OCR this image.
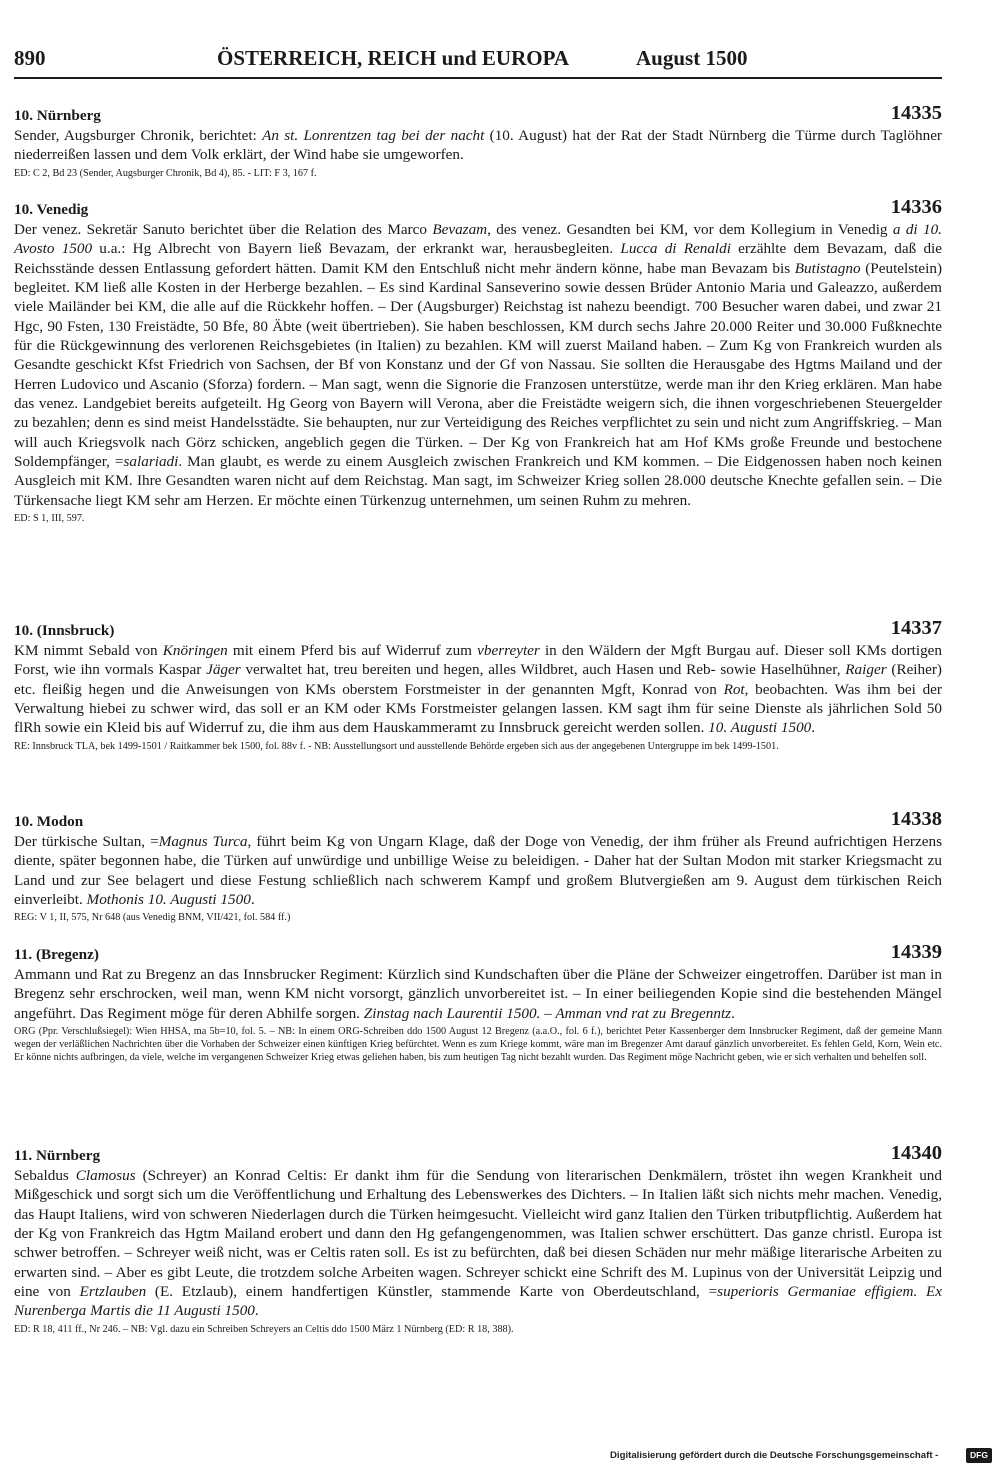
890	ÖSTERREICH, REICH und EUROPA	August 1500
10. Nürnberg	14335
Sender, Augsburger Chronik, berichtet: An st. Lonrentzen tag bei der nacht (10. August) hat der Rat der Stadt Nürnberg die Türme durch Taglöhner niederreißen lassen und dem Volk erklärt, der Wind habe sie umgeworfen.
ED: C 2, Bd 23 (Sender, Augsburger Chronik, Bd 4), 85. - LIT: F 3, 167 f.
10. Venedig	14336
Der venez. Sekretär Sanuto berichtet über die Relation des Marco Bevazam, des venez. Gesandten bei KM, vor dem Kollegium in Venedig a di 10. Avosto 1500 u.a.: Hg Albrecht von Bayern ließ Bevazam, der erkrankt war, herausbegleiten. Lucca di Renaldi erzählte dem Bevazam, daß die Reichsstände dessen Entlassung gefordert hätten. Damit KM den Entschluß nicht mehr ändern könne, habe man Bevazam bis Butistagno (Peutelstein) begleitet. KM ließ alle Kosten in der Herberge bezahlen. – Es sind Kardinal Sanseverino sowie dessen Brüder Antonio Maria und Galeazzo, außerdem viele Mailänder bei KM, die alle auf die Rückkehr hoffen. – Der (Augsburger) Reichstag ist nahezu beendigt. 700 Besucher waren dabei, und zwar 21 Hgc, 90 Fsten, 130 Freistädte, 50 Bfe, 80 Äbte (weit übertrieben). Sie haben beschlossen, KM durch sechs Jahre 20.000 Reiter und 30.000 Fußknechte für die Rückgewinnung des verlorenen Reichsgebietes (in Italien) zu bezahlen. KM will zuerst Mailand haben. – Zum Kg von Frankreich wurden als Gesandte geschickt Kfst Friedrich von Sachsen, der Bf von Konstanz und der Gf von Nassau. Sie sollten die Herausgabe des Hgtms Mailand und der Herren Ludovico und Ascanio (Sforza) fordern. – Man sagt, wenn die Signorie die Franzosen unterstütze, werde man ihr den Krieg erklären. Man habe das venez. Landgebiet bereits aufgeteilt. Hg Georg von Bayern will Verona, aber die Freistädte weigern sich, die ihnen vorgeschriebenen Steuergelder zu bezahlen; denn es sind meist Handelsstädte. Sie behaupten, nur zur Verteidigung des Reiches verpflichtet zu sein und nicht zum Angriffskrieg. – Man will auch Kriegsvolk nach Görz schicken, angeblich gegen die Türken. – Der Kg von Frankreich hat am Hof KMs große Freunde und bestochene Soldempfänger, =salariadi. Man glaubt, es werde zu einem Ausgleich zwischen Frankreich und KM kommen. – Die Eidgenossen haben noch keinen Ausgleich mit KM. Ihre Gesandten waren nicht auf dem Reichstag. Man sagt, im Schweizer Krieg sollen 28.000 deutsche Knechte gefallen sein. – Die Türkensache liegt KM sehr am Herzen. Er möchte einen Türkenzug unternehmen, um seinen Ruhm zu mehren.
ED: S 1, III, 597.
10. (Innsbruck)	14337
KM nimmt Sebald von Knöringen mit einem Pferd bis auf Widerruf zum vberreyter in den Wäldern der Mgft Burgau auf. Dieser soll KMs dortigen Forst, wie ihn vormals Kaspar Jäger verwaltet hat, treu bereiten und hegen, alles Wildbret, auch Hasen und Reb- sowie Haselhühner, Raiger (Reiher) etc. fleißig hegen und die Anweisungen von KMs oberstem Forstmeister in der genannten Mgft, Konrad von Rot, beobachten. Was ihm bei der Verwaltung hiebei zu schwer wird, das soll er an KM oder KMs Forstmeister gelangen lassen. KM sagt ihm für seine Dienste als jährlichen Sold 50 flRh sowie ein Kleid bis auf Widerruf zu, die ihm aus dem Hauskammeramt zu Innsbruck gereicht werden sollen. 10. Augusti 1500.
RE: Innsbruck TLA, bek 1499-1501 / Raitkammer bek 1500, fol. 88v f. - NB: Ausstellungsort und ausstellende Behörde ergeben sich aus der angegebenen Untergruppe im bek 1499-1501.
10. Modon	14338
Der türkische Sultan, =Magnus Turca, führt beim Kg von Ungarn Klage, daß der Doge von Venedig, der ihm früher als Freund aufrichtigen Herzens diente, später begonnen habe, die Türken auf unwürdige und unbillige Weise zu beleidigen. - Daher hat der Sultan Modon mit starker Kriegsmacht zu Land und zur See belagert und diese Festung schließlich nach schwerem Kampf und großem Blutvergießen am 9. August dem türkischen Reich einverleibt. Mothonis 10. Augusti 1500.
REG: V 1, II, 575, Nr 648 (aus Venedig BNM, VII/421, fol. 584 ff.)
11. (Bregenz)	14339
Ammann und Rat zu Bregenz an das Innsbrucker Regiment: Kürzlich sind Kundschaften über die Pläne der Schweizer eingetroffen. Darüber ist man in Bregenz sehr erschrocken, weil man, wenn KM nicht vorsorgt, gänzlich unvorbereitet ist. – In einer beiliegenden Kopie sind die bestehenden Mängel angeführt. Das Regiment möge für deren Abhilfe sorgen. Zinstag nach Laurentii 1500. – Amman vnd rat zu Bregenntz.
ORG (Ppr. Verschlußsiegel): Wien HHSA, ma 5b=10, fol. 5. – NB: In einem ORG-Schreiben ddo 1500 August 12 Bregenz (a.a.O., fol. 6 f.), berichtet Peter Kassenberger dem Innsbrucker Regiment, daß der gemeine Mann wegen der verläßlichen Nachrichten über die Vorhaben der Schweizer einen künftigen Krieg befürchtet. Wenn es zum Kriege kommt, wäre man im Bregenzer Amt darauf gänzlich unvorbereitet. Es fehlen Geld, Korn, Wein etc. Er könne nichts aufbringen, da viele, welche im vergangenen Schweizer Krieg etwas geliehen haben, bis zum heutigen Tag nicht bezahlt wurden. Das Regiment möge Nachricht geben, wie er sich verhalten und behelfen soll.
11. Nürnberg	14340
Sebaldus Clamosus (Schreyer) an Konrad Celtis: Er dankt ihm für die Sendung von literarischen Denkmälern, tröstet ihn wegen Krankheit und Mißgeschick und sorgt sich um die Veröffentlichung und Erhaltung des Lebenswerkes des Dichters. – In Italien läßt sich nichts mehr machen. Venedig, das Haupt Italiens, wird von schweren Niederlagen durch die Türken heimgesucht. Vielleicht wird ganz Italien den Türken tributpflichtig. Außerdem hat der Kg von Frankreich das Hgtm Mailand erobert und dann den Hg gefangengenommen, was Italien schwer erschüttert. Das ganze christl. Europa ist schwer betroffen. – Schreyer weiß nicht, was er Celtis raten soll. Es ist zu befürchten, daß bei diesen Schäden nur mehr mäßige literarische Arbeiten zu erwarten sind. – Aber es gibt Leute, die trotzdem solche Arbeiten wagen. Schreyer schickt eine Schrift des M. Lupinus von der Universität Leipzig und eine von Ertzlauben (E. Etzlaub), einem handfertigen Künstler, stammende Karte von Oberdeutschland, =superioris Germaniae effigiem. Ex Nurenberga Martis die 11 Augusti 1500.
ED: R 18, 411 ff., Nr 246. – NB: Vgl. dazu ein Schreiben Schreyers an Celtis ddo 1500 März 1 Nürnberg (ED: R 18, 388).
Digitalisierung gefördert durch die Deutsche Forschungsgemeinschaft -	DFG
